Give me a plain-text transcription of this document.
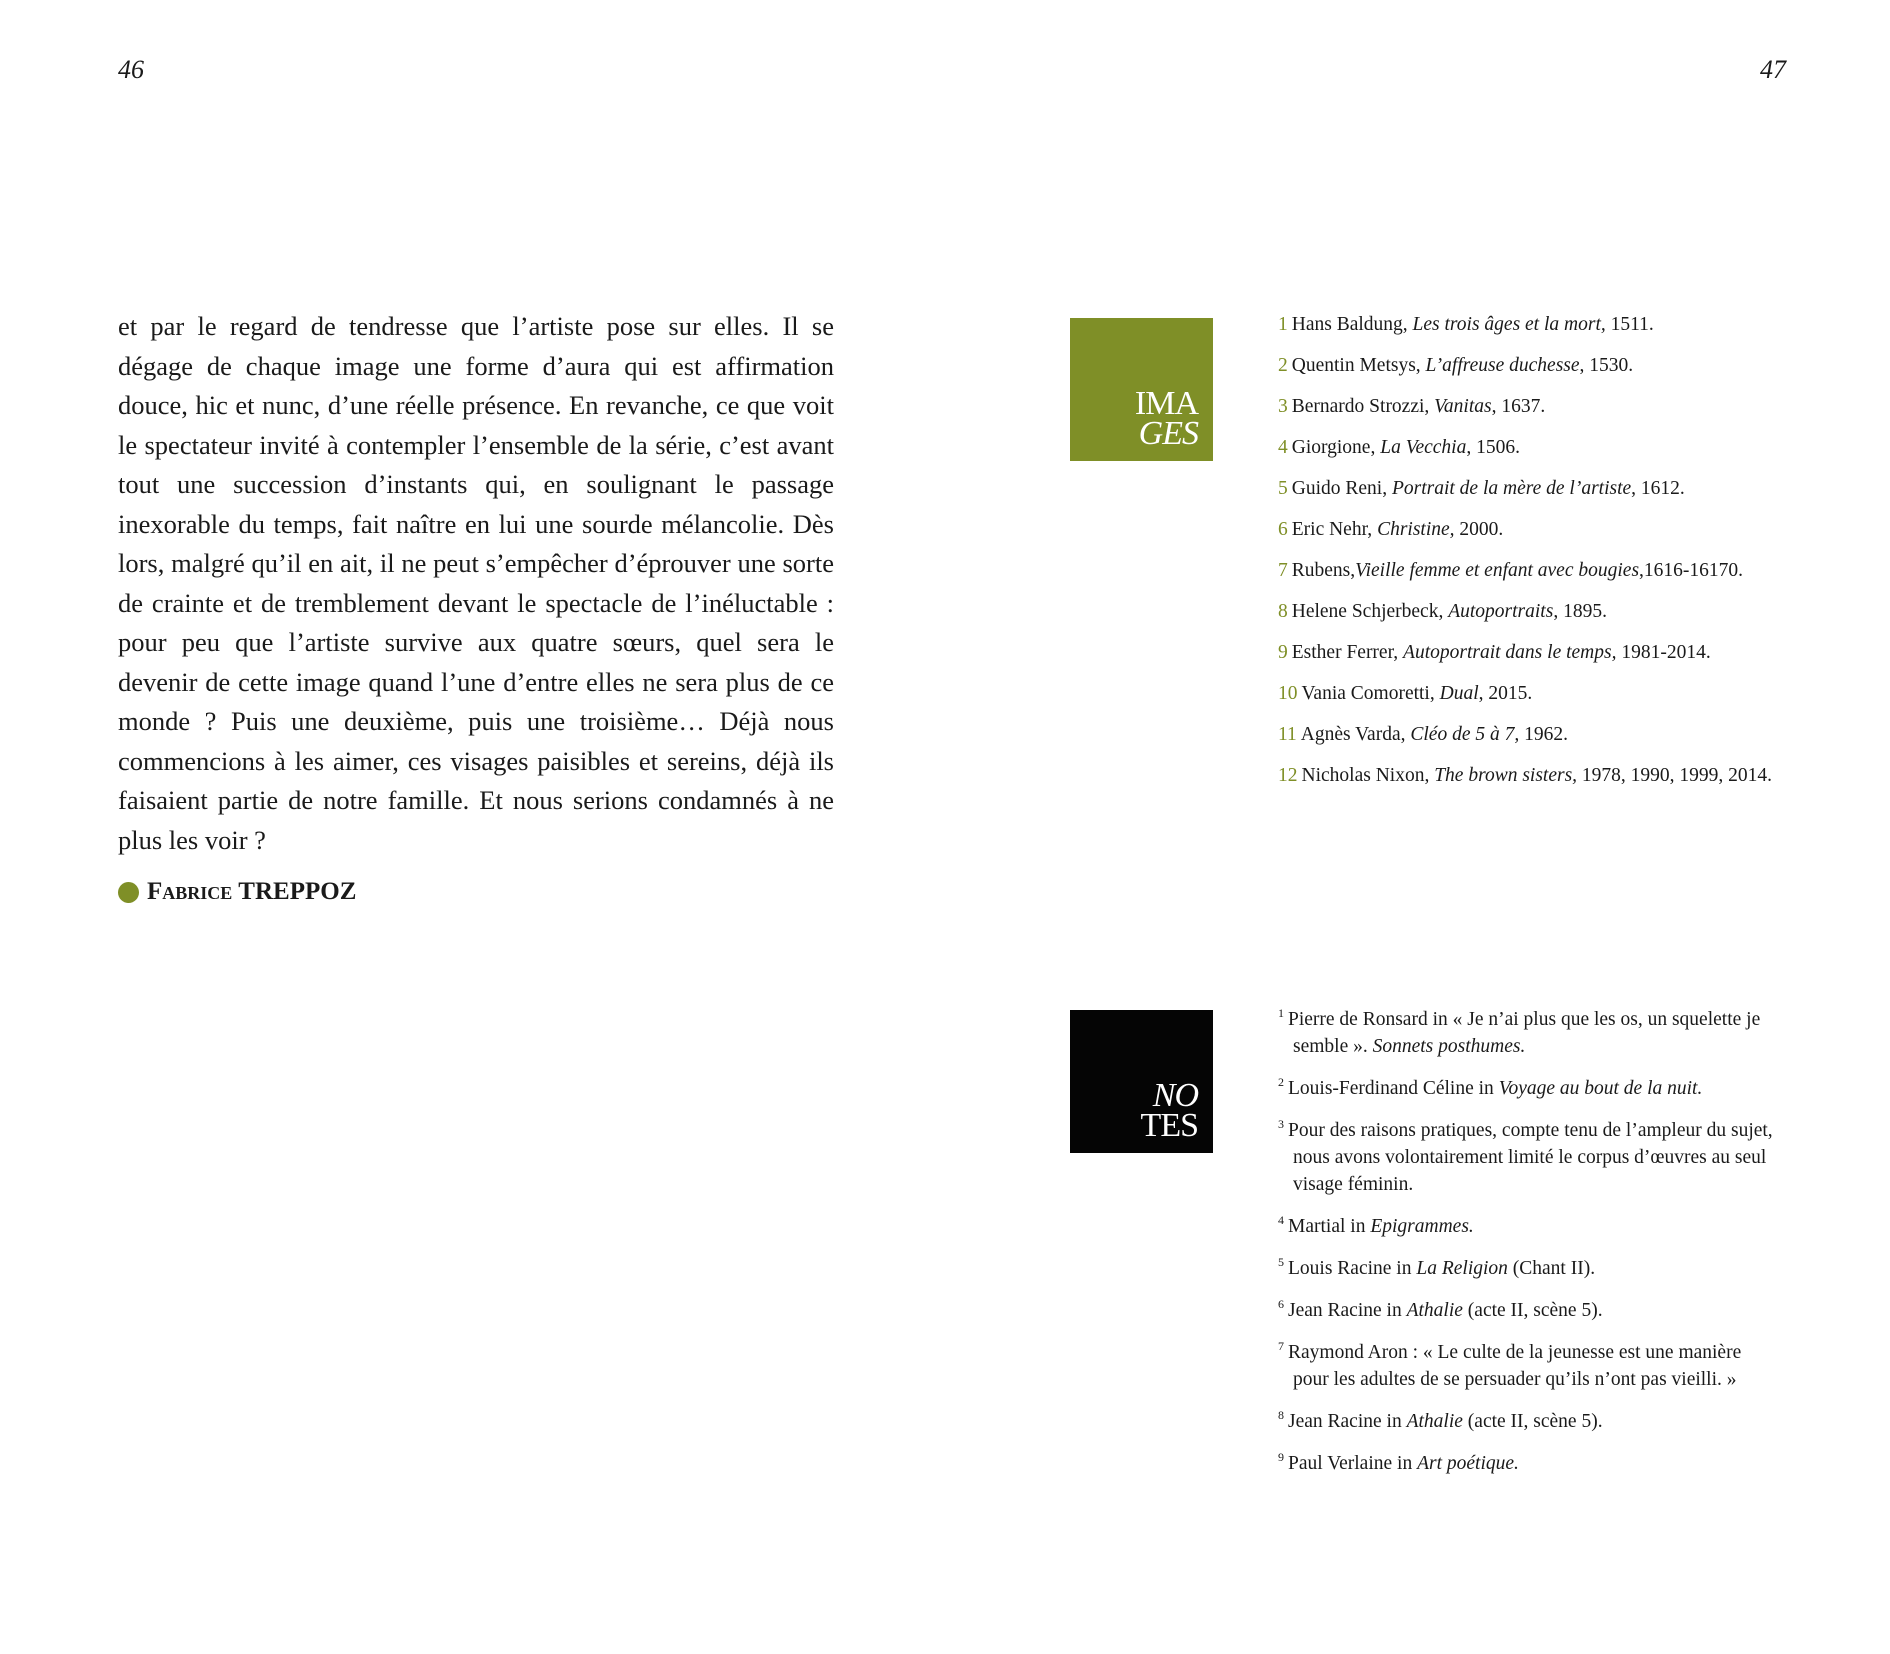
46	47

et par le regard de tendresse que l’artiste pose sur elles. Il se dégage de chaque image une forme d’aura qui est affirmation douce, hic et nunc, d’une réelle présence. En revanche, ce que voit le spectateur invité à contempler l’ensemble de la série, c’est avant tout une succession d’instants qui, en soulignant le passage inexorable du temps, fait naître en lui une sourde mélancolie. Dès lors, malgré qu’il en ait, il ne peut s’empêcher d’éprouver une sorte de crainte et de tremblement devant le spectacle de l’inéluctable : pour peu que l’artiste survive aux quatre sœurs, quel sera le devenir de cette image quand l’une d’entre elles ne sera plus de ce monde ? Puis une deuxième, puis une troisième… Déjà nous commencions à les aimer, ces visages paisibles et sereins, déjà ils faisaient partie de notre famille. Et nous serions condamnés à ne plus les voir ?

Fabrice TREPPOZ
IMA
GES
NO
TES
1 Hans Baldung, Les trois âges et la mort, 1511.
2 Quentin Metsys, L’affreuse duchesse, 1530.
3 Bernardo Strozzi, Vanitas, 1637.
4 Giorgione, La Vecchia, 1506.
5 Guido Reni, Portrait de la mère de l’artiste, 1612.
6 Eric Nehr, Christine, 2000.
7 Rubens,Vieille femme et enfant avec bougies,1616-16170.
8 Helene Schjerbeck, Autoportraits, 1895.
9 Esther Ferrer, Autoportrait dans le temps, 1981-2014.
10 Vania Comoretti, Dual, 2015.
11 Agnès Varda, Cléo de 5 à 7, 1962.
12 Nicholas Nixon, The brown sisters, 1978, 1990, 1999, 2014.
$^1$ Pierre de Ronsard in « Je n’ai plus que les os, un squelette je semble ». Sonnets posthumes.
$^2$ Louis-Ferdinand Céline in Voyage au bout de la nuit.
$^3$ Pour des raisons pratiques, compte tenu de l’ampleur du sujet, nous avons volontairement limité le corpus d’œuvres au seul visage féminin.
$^4$ Martial in Epigrammes.
$^5$ Louis Racine in La Religion (Chant II).
$^6$ Jean Racine in Athalie (acte II, scène 5).
$^7$ Raymond Aron : « Le culte de la jeunesse est une manière pour les adultes de se persuader qu’ils n’ont pas vieilli. »
$^8$ Jean Racine in Athalie (acte II, scène 5).
$^9$ Paul Verlaine in Art poétique.
